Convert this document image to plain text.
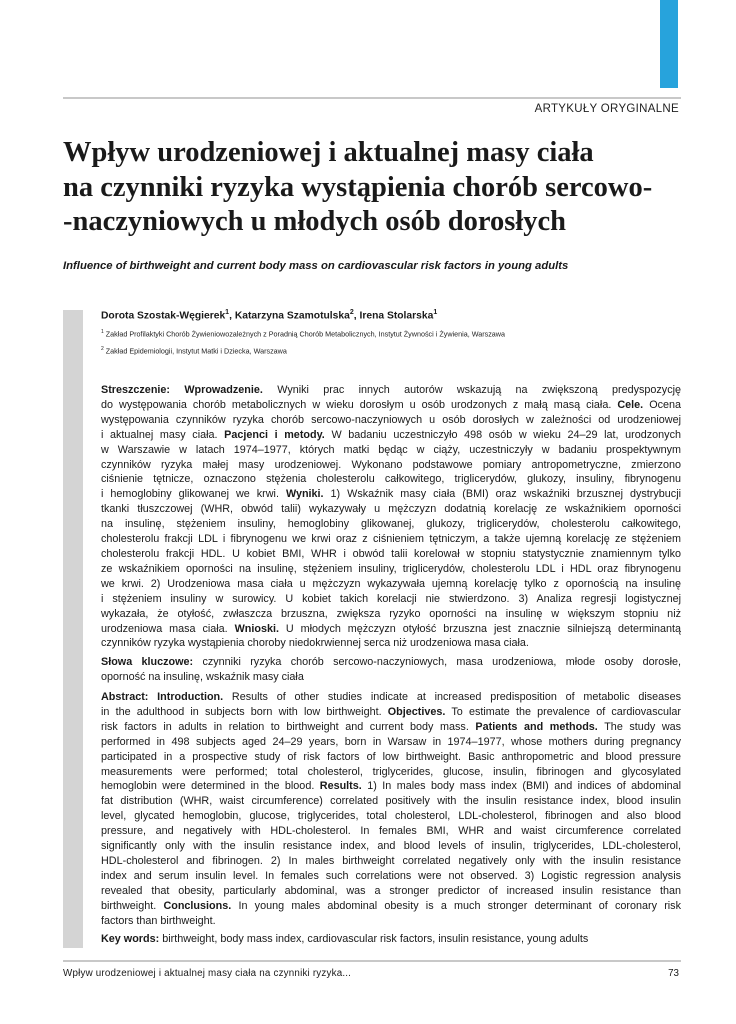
ARTYKUŁY ORYGINALNE
Wpływ urodzeniowej i aktualnej masy ciała
na czynniki ryzyka wystąpienia chorób sercowo-
-naczyniowych u młodych osób dorosłych

Influence of birthweight and current body mass on cardiovascular risk factors in young adults

Dorota Szostak-Węgierek$^1$, Katarzyna Szamotulska$^2$, Irena Stolarska$^1$
$^1$ Zakład Profilaktyki Chorób Żywieniowozależnych z Poradnią Chorób Metabolicznych, Instytut Żywności i Żywienia, Warszawa
$^2$ Zakład Epidemiologii, Instytut Matki i Dziecka, Warszawa
Streszczenie: Wprowadzenie. Wyniki prac innych autorów wskazują na zwiększoną predyspozycję
do występowania chorób metabolicznych w wieku dorosłym u osób urodzonych z małą masą ciała. Cele. Ocena
występowania czynników ryzyka chorób sercowo-naczyniowych u osób dorosłych w zależności od urodzeniowej
i aktualnej masy ciała. Pacjenci i metody. W badaniu uczestniczyło 498 osób w wieku 24–29 lat, urodzonych
w Warszawie w latach 1974–1977, których matki będąc w ciąży, uczestniczyły w badaniu prospektywnym
czynników ryzyka małej masy urodzeniowej. Wykonano podstawowe pomiary antropometryczne, zmierzono
ciśnienie tętnicze, oznaczono stężenia cholesterolu całkowitego, triglicerydów, glukozy, insuliny, fibrynogenu
i hemoglobiny glikowanej we krwi. Wyniki. 1) Wskaźnik masy ciała (BMI) oraz wskaźniki brzusznej dystrybucji
tkanki tłuszczowej (WHR, obwód talii) wykazywały u mężczyzn dodatnią korelację ze wskaźnikiem oporności
na insulinę, stężeniem insuliny, hemoglobiny glikowanej, glukozy, triglicerydów, cholesterolu całkowitego,
cholesterolu frakcji LDL i fibrynogenu we krwi oraz z ciśnieniem tętniczym, a także ujemną korelację ze stężeniem
cholesterolu frakcji HDL. U kobiet BMI, WHR i obwód talii korelował w stopniu statystycznie znamiennym tylko
ze wskaźnikiem oporności na insulinę, stężeniem insuliny, triglicerydów, cholesterolu LDL i HDL oraz fibrynogenu
we krwi. 2) Urodzeniowa masa ciała u mężczyzn wykazywała ujemną korelację tylko z opornością na insulinę
i stężeniem insuliny w surowicy. U kobiet takich korelacji nie stwierdzono. 3) Analiza regresji logistycznej
wykazała, że otyłość, zwłaszcza brzuszna, zwiększa ryzyko oporności na insulinę w większym stopniu niż
urodzeniowa masa ciała. Wnioski. U młodych mężczyzn otyłość brzuszna jest znacznie silniejszą determinantą
czynników ryzyka wystąpienia choroby niedokrwiennej serca niż urodzeniowa masa ciała.
Słowa kluczowe: czynniki ryzyka chorób sercowo-naczyniowych, masa urodzeniowa, młode osoby dorosłe,
oporność na insulinę, wskaźnik masy ciała
Abstract: Introduction. Results of other studies indicate at increased predisposition of metabolic diseases
in the adulthood in subjects born with low birthweight. Objectives. To estimate the prevalence of cardiovascular
risk factors in adults in relation to birthweight and current body mass. Patients and methods. The study was
performed in 498 subjects aged 24–29 years, born in Warsaw in 1974–1977, whose mothers during pregnancy
participated in a prospective study of risk factors of low birthweight. Basic anthropometric and blood pressure
measurements were performed; total cholesterol, triglycerides, glucose, insulin, fibrinogen and glycosylated
hemoglobin were determined in the blood. Results. 1) In males body mass index (BMI) and indices of abdominal
fat distribution (WHR, waist circumference) correlated positively with the insulin resistance index, blood insulin
level, glycated hemoglobin, glucose, triglycerides, total cholesterol, LDL-cholesterol, fibrinogen and also blood
pressure, and negatively with HDL-cholesterol. In females BMI, WHR and waist circumference correlated
significantly only with the insulin resistance index, and blood levels of insulin, triglycerides, LDL-cholesterol,
HDL-cholesterol and fibrinogen. 2) In males birthweight correlated negatively only with the insulin resistance
index and serum insulin level. In females such correlations were not observed. 3) Logistic regression analysis
revealed that obesity, particularly abdominal, was a stronger predictor of increased insulin resistance than
birthweight. Conclusions. In young males abdominal obesity is a much stronger determinant of coronary risk
factors than birthweight.
Key words: birthweight, body mass index, cardiovascular risk factors, insulin resistance, young adults
Wpływ urodzeniowej i aktualnej masy ciała na czynniki ryzyka...	73
